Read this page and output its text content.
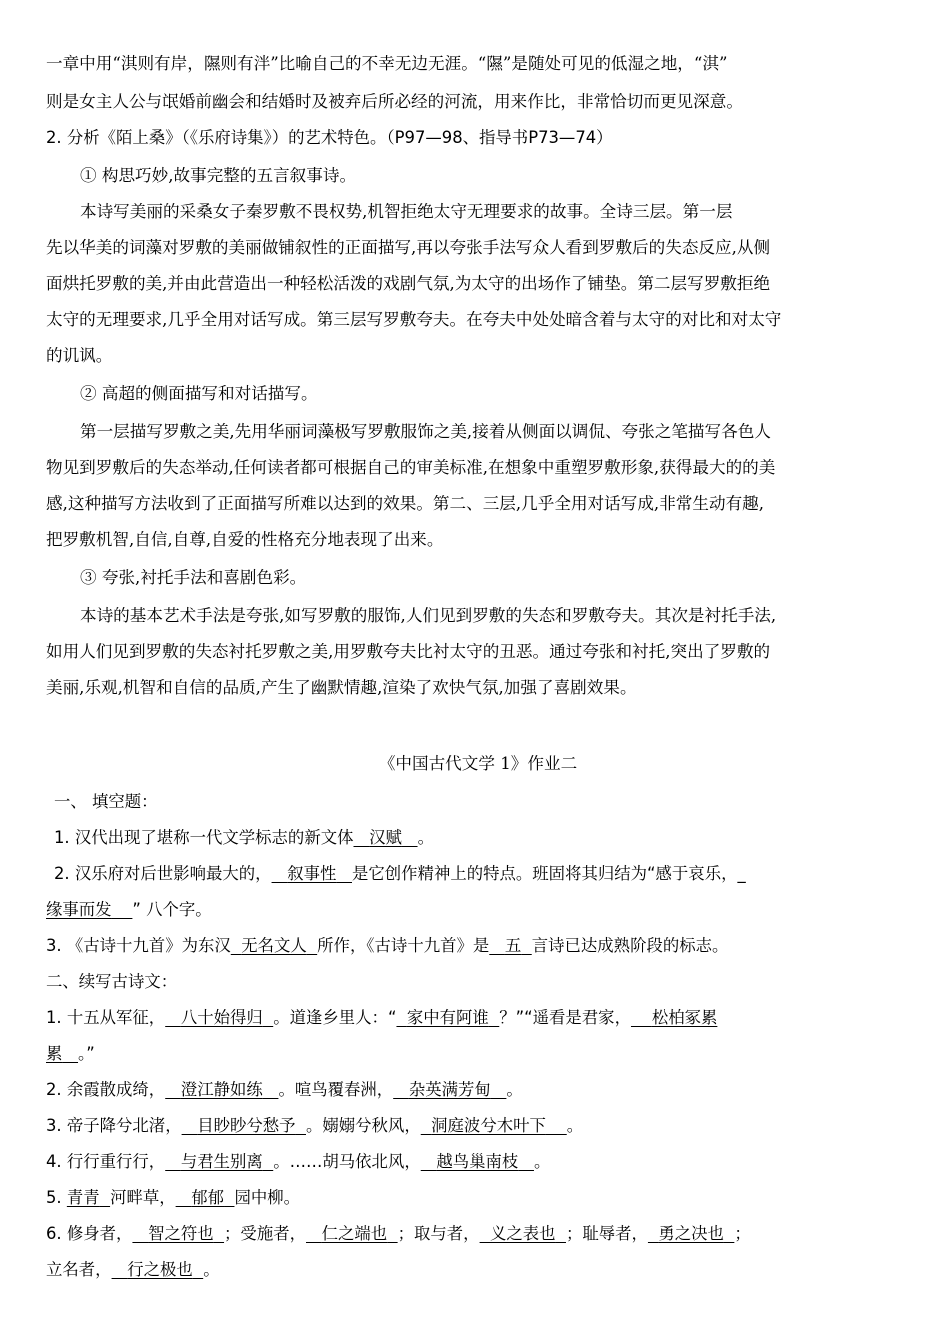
一章中用“淇则有岸，隰则有泮”比喻自己的不幸无边无涯。“隰”是随处可见的低湿之地，“淇”
则是女主人公与氓婚前幽会和结婚时及被弃后所必经的河流，用来作比，非常恰切而更见深意。
2. 分析《陌上桑》（《乐府诗集》）的艺术特色。（P97—98、指导书P73—74）
① 构思巧妙,故事完整的五言叙事诗。
本诗写美丽的采桑女子秦罗敷不畏权势,机智拒绝太守无理要求的故事。全诗三层。第一层
先以华美的词藻对罗敷的美丽做铺叙性的正面描写,再以夸张手法写众人看到罗敷后的失态反应,从侧
面烘托罗敷的美,并由此营造出一种轻松活泼的戏剧气氛,为太守的出场作了铺垫。第二层写罗敷拒绝
太守的无理要求,几乎全用对话写成。第三层写罗敷夸夫。在夸夫中处处暗含着与太守的对比和对太守
的讥讽。
② 高超的侧面描写和对话描写。
第一层描写罗敷之美,先用华丽词藻极写罗敷服饰之美,接着从侧面以调侃、夸张之笔描写各色人
物见到罗敷后的失态举动,任何读者都可根据自己的审美标准,在想象中重塑罗敷形象,获得最大的的美
感,这种描写方法收到了正面描写所难以达到的效果。第二、三层,几乎全用对话写成,非常生动有趣,
把罗敷机智,自信,自尊,自爱的性格充分地表现了出来。
③ 夸张,衬托手法和喜剧色彩。
本诗的基本艺术手法是夸张,如写罗敷的服饰,人们见到罗敷的失态和罗敷夸夫。其次是衬托手法,
如用人们见到罗敷的失态衬托罗敷之美,用罗敷夸夫比衬太守的丑恶。通过夸张和衬托,突出了罗敷的
美丽,乐观,机智和自信的品质,产生了幽默情趣,渲染了欢快气氛,加强了喜剧效果。
《中国古代文学 1》作业二
一、 填空题：
1. 汉代出现了堪称一代文学标志的新文体 汉赋 。
2. 汉乐府对后世影响最大的， 叙事性 是它创作精神上的特点。班固将其归结为“感于哀乐，_
缘事而发 ” 八个字。
3. 《古诗十九首》为东汉 无名文人 所作，《古诗十九首》是 五 言诗已达成熟阶段的标志。
二、续写古诗文：
1. 十五从军征， 八十始得归 。道逢乡里人：“ 家中有阿谁 ？”“遥看是君家， 松柏冢累
累 。”
2. 余霞散成绮， 澄江静如练 。喧鸟覆春洲， 杂英满芳甸 。
3. 帝子降兮北渚， 目眇眇兮愁予 。嫋嫋兮秋风， 洞庭波兮木叶下 。
4. 行行重行行， 与君生别离 。……胡马依北风， 越鸟巢南枝 。
5. 青青 河畔草， 郁郁 园中柳。
6. 修身者， 智之符也 ；受施者， 仁之端也 ；取与者， 义之表也 ；耻辱者， 勇之决也 ；
立名者， 行之极也 。
